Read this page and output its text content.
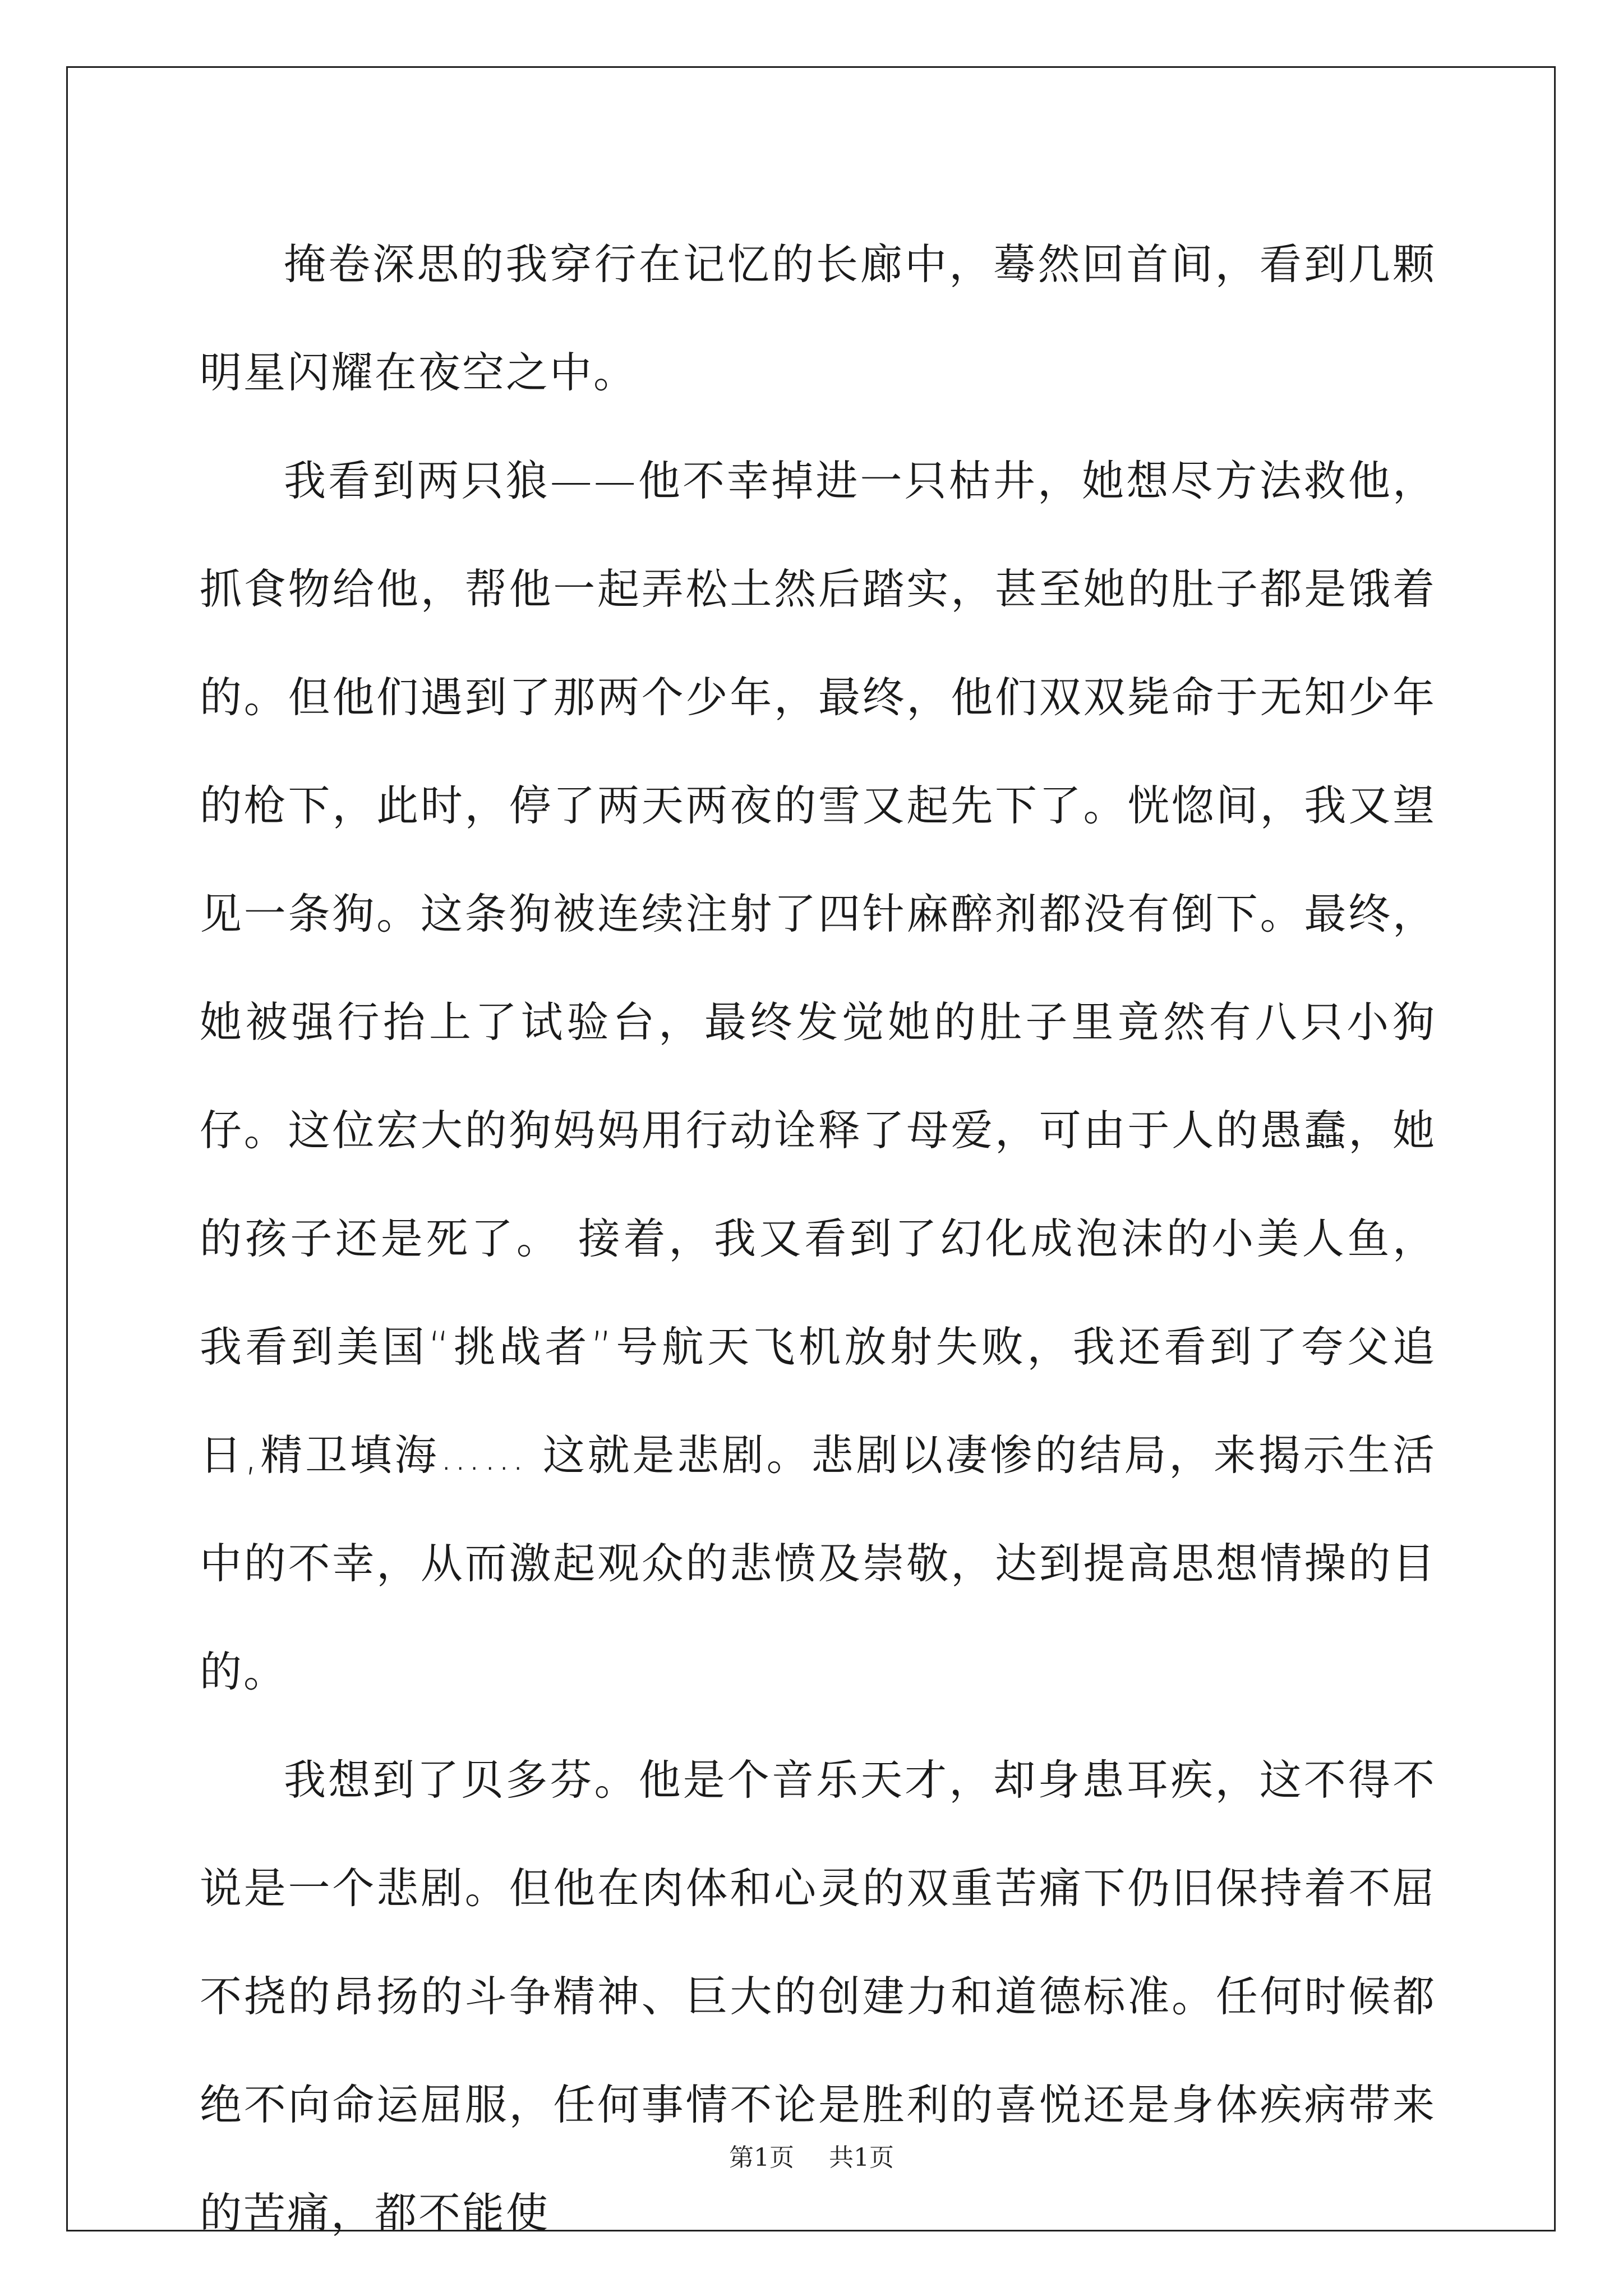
掩卷深思的我穿行在记忆的长廊中，蓦然回首间，看到几颗明星闪耀在夜空之中。

我看到两只狼——他不幸掉进一只枯井，她想尽方法救他，抓食物给他，帮他一起弄松土然后踏实，甚至她的肚子都是饿着的。但他们遇到了那两个少年，最终，他们双双毙命于无知少年的枪下，此时，停了两天两夜的雪又起先下了。恍惚间，我又望见一条狗。这条狗被连续注射了四针麻醉剂都没有倒下。最终，她被强行抬上了试验台，最终发觉她的肚子里竟然有八只小狗仔。这位宏大的狗妈妈用行动诠释了母爱，可由于人的愚蠢，她的孩子还是死了。 接着，我又看到了幻化成泡沫的小美人鱼，我看到美国“挑战者”号航天飞机放射失败，我还看到了夸父追日,精卫填海…… 这就是悲剧。悲剧以凄惨的结局，来揭示生活中的不幸，从而激起观众的悲愤及崇敬，达到提高思想情操的目的。

我想到了贝多芬。他是个音乐天才，却身患耳疾，这不得不说是一个悲剧。但他在肉体和心灵的双重苦痛下仍旧保持着不屈不挠的昂扬的斗争精神、巨大的创建力和道德标准。任何时候都绝不向命运屈服，任何事情不论是胜利的喜悦还是身体疾病带来的苦痛，都不能使

第1页 共1页
